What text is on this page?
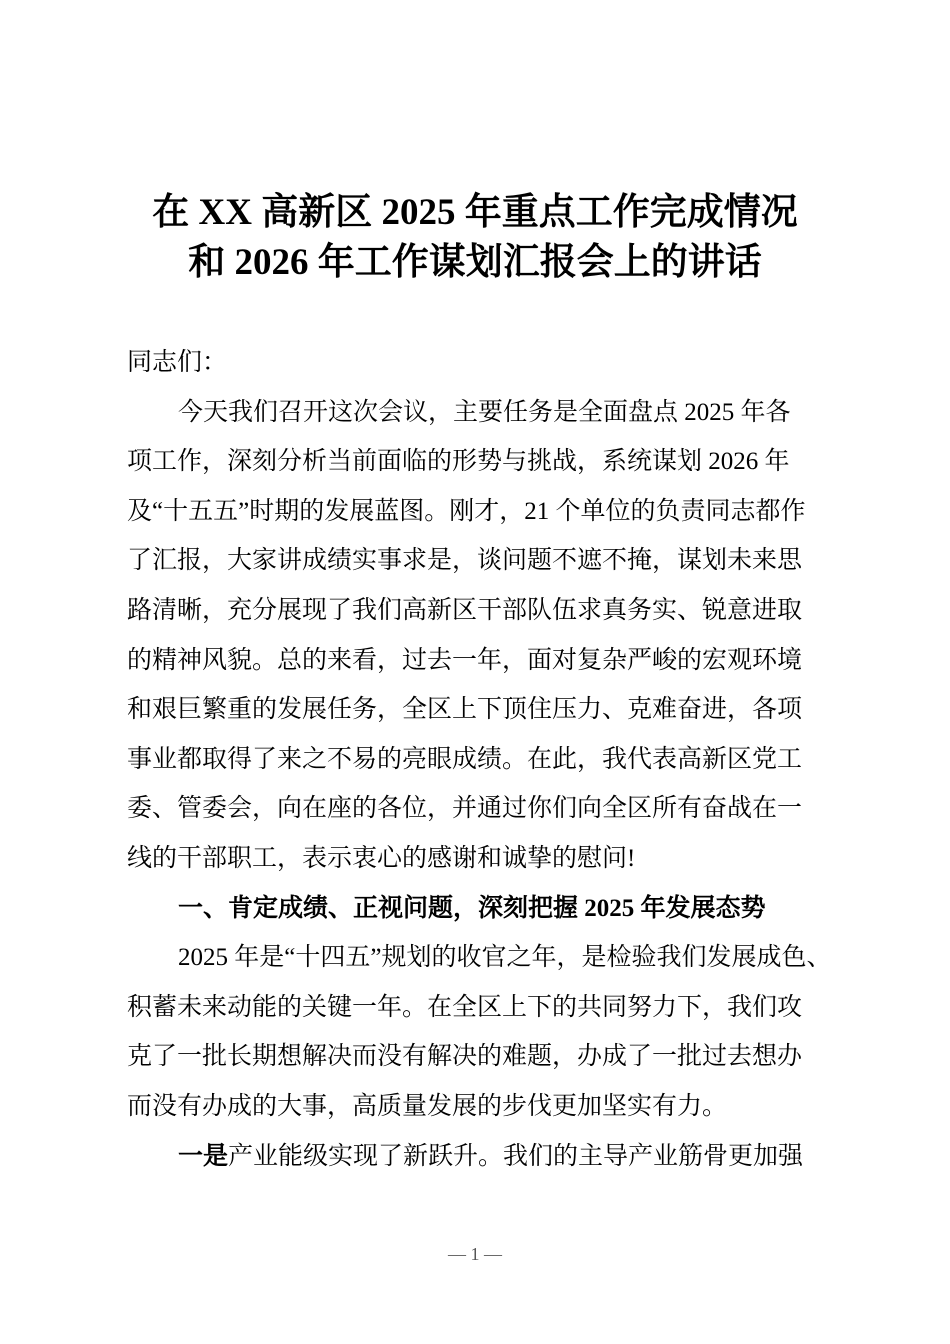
在 XX 高新区 2025 年重点工作完成情况
和 2026 年工作谋划汇报会上的讲话
同志们：
今天我们召开这次会议，主要任务是全面盘点 2025 年各
项工作，深刻分析当前面临的形势与挑战，系统谋划 2026 年
及“十五五”时期的发展蓝图。刚才，21 个单位的负责同志都作
了汇报，大家讲成绩实事求是，谈问题不遮不掩，谋划未来思
路清晰，充分展现了我们高新区干部队伍求真务实、锐意进取
的精神风貌。总的来看，过去一年，面对复杂严峻的宏观环境
和艰巨繁重的发展任务，全区上下顶住压力、克难奋进，各项
事业都取得了来之不易的亮眼成绩。在此，我代表高新区党工
委、管委会，向在座的各位，并通过你们向全区所有奋战在一
线的干部职工，表示衷心的感谢和诚挚的慰问!
一、肯定成绩、正视问题，深刻把握 2025 年发展态势
2025 年是“十四五”规划的收官之年，是检验我们发展成色、
积蓄未来动能的关键一年。在全区上下的共同努力下，我们攻
克了一批长期想解决而没有解决的难题，办成了一批过去想办
而没有办成的大事，高质量发展的步伐更加坚实有力。
一是产业能级实现了新跃升。我们的主导产业筋骨更加强
— 1 —
